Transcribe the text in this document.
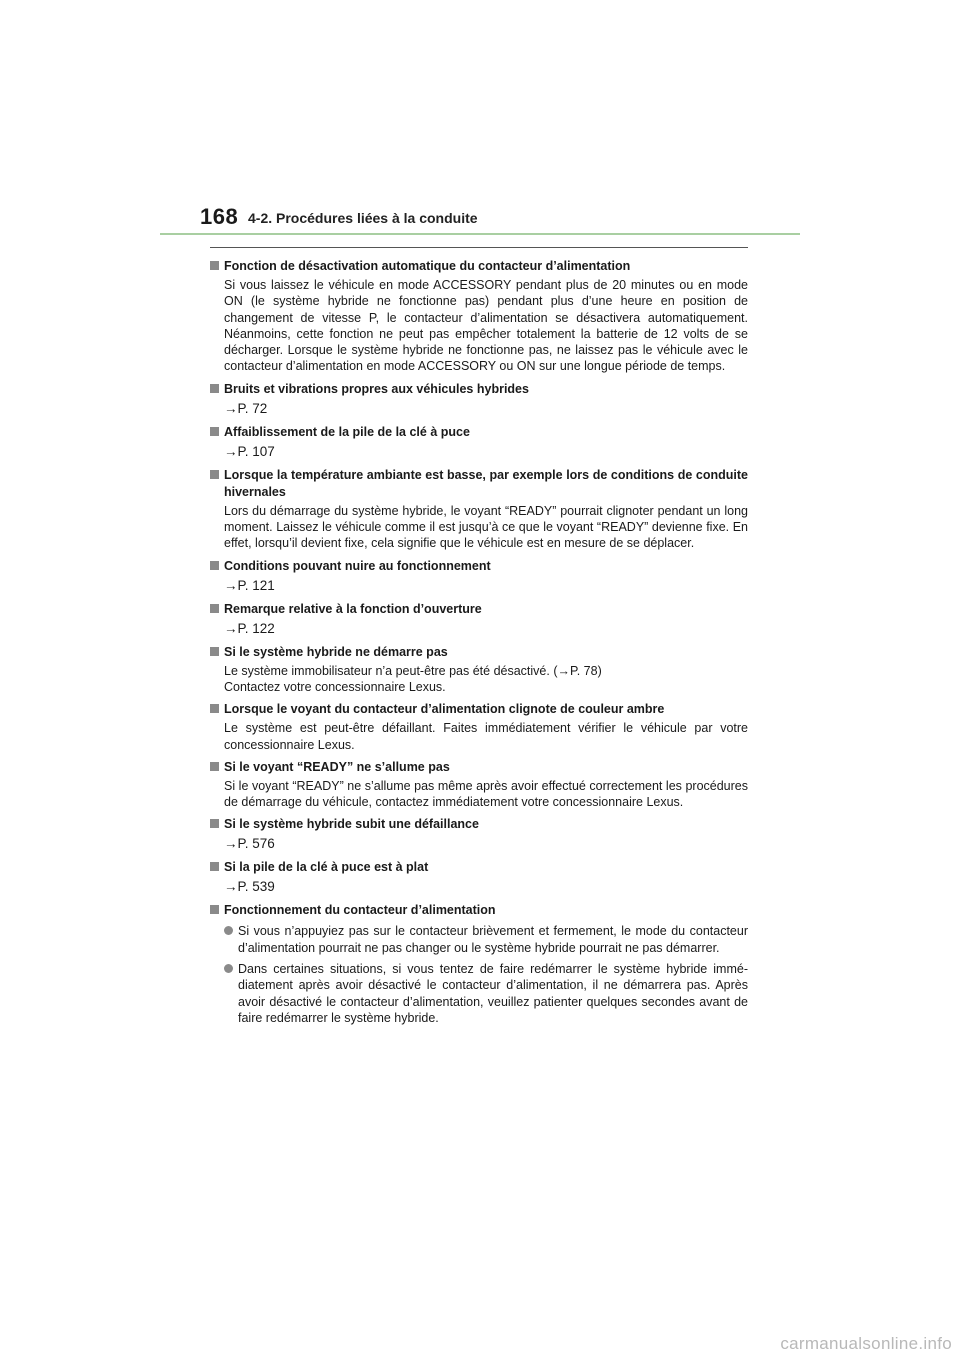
168 4-2. Procédures liées à la conduite
Fonction de désactivation automatique du contacteur d’alimentation

Si vous laissez le véhicule en mode ACCESSORY pendant plus de 20 minutes ou en mode ON (le système hybride ne fonctionne pas) pendant plus d’une heure en position de changement de vitesse P, le contacteur d’alimentation se désactivera automatiquement. Néanmoins, cette fonction ne peut pas empêcher totalement la batterie de 12 volts de se décharger. Lorsque le système hybride ne fonctionne pas, ne laissez pas le véhicule avec le contacteur d’alimentation en mode ACCESSORY ou ON sur une longue période de temps.

Bruits et vibrations propres aux véhicules hybrides
→P. 72
Affaiblissement de la pile de la clé à puce
→P. 107
Lorsque la température ambiante est basse, par exemple lors de conditions de conduite hivernales

Lors du démarrage du système hybride, le voyant “READY” pourrait clignoter pendant un long moment. Laissez le véhicule comme il est jusqu’à ce que le voyant “READY” devienne fixe. En effet, lorsqu’il devient fixe, cela signifie que le véhicule est en mesure de se déplacer.

Conditions pouvant nuire au fonctionnement
→P. 121
Remarque relative à la fonction d’ouverture
→P. 122
Si le système hybride ne démarre pas

Le système immobilisateur n’a peut-être pas été désactivé. (→P. 78)

Contactez votre concessionnaire Lexus.

Lorsque le voyant du contacteur d’alimentation clignote de couleur ambre

Le système est peut-être défaillant. Faites immédiatement vérifier le véhicule par votre concessionnaire Lexus.

Si le voyant “READY” ne s’allume pas

Si le voyant “READY” ne s’allume pas même après avoir effectué correctement les procédures de démarrage du véhicule, contactez immédiatement votre concessionnaire Lexus.

Si le système hybride subit une défaillance
→P. 576
Si la pile de la clé à puce est à plat
→P. 539
Fonctionnement du contacteur d’alimentation
Si vous n’appuyiez pas sur le contacteur brièvement et fermement, le mode du contacteur d’alimentation pourrait ne pas changer ou le système hybride pourrait ne pas démarrer.
Dans certaines situations, si vous tentez de faire redémarrer le système hybride immédiatement après avoir désactivé le contacteur d’alimentation, il ne démarrera pas. Après avoir désactivé le contacteur d’alimentation, veuillez patienter quelques secondes avant de faire redémarrer le système hybride.
carmanualsonline.info
